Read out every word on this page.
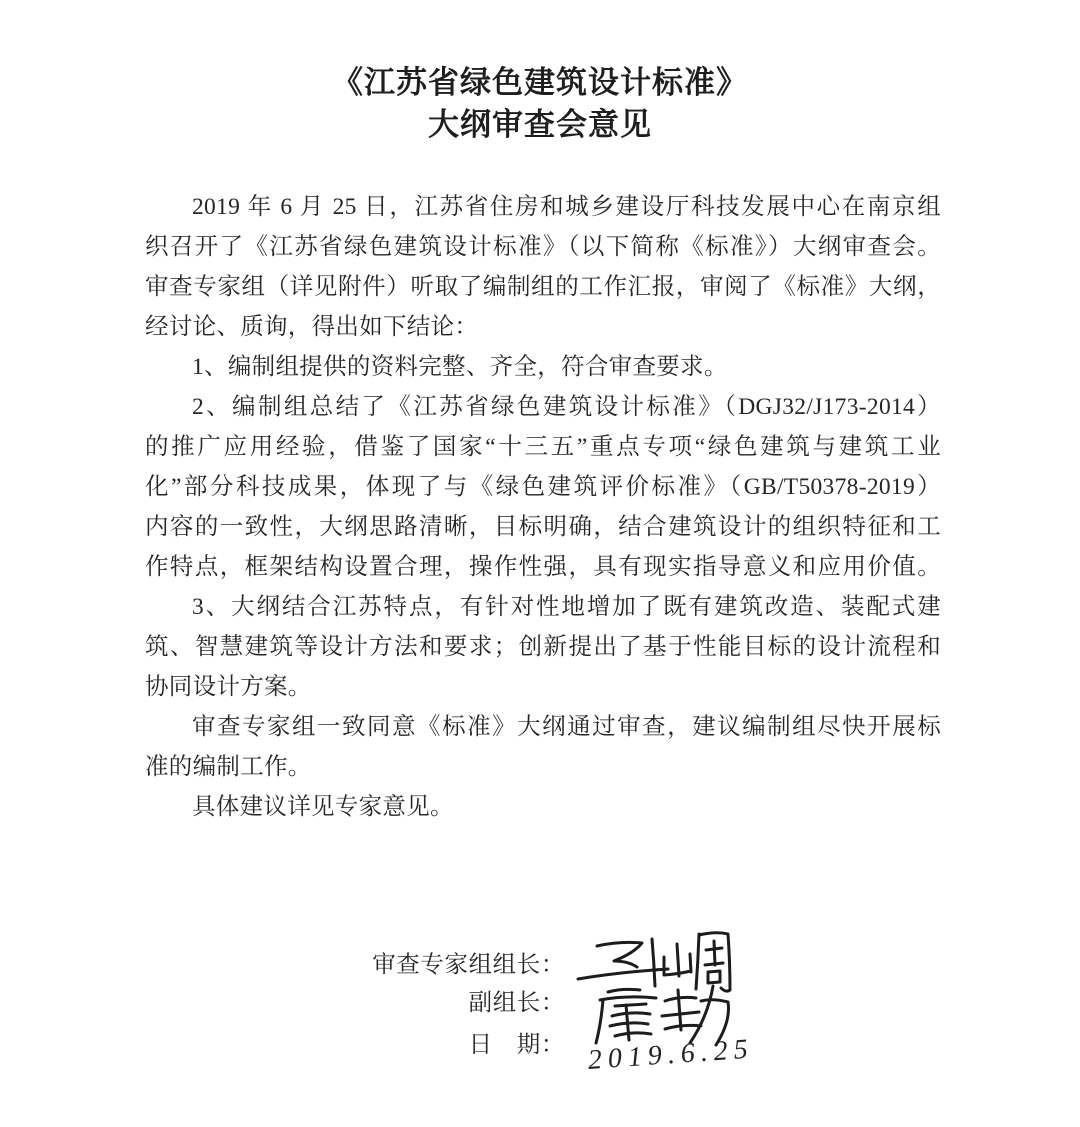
《江苏省绿色建筑设计标准》
大纲审查会意见
2019 年 6 月 25 日，江苏省住房和城乡建设厅科技发展中心在南京组
织召开了《江苏省绿色建筑设计标准》（以下简称《标准》）大纲审查会。
审查专家组（详见附件）听取了编制组的工作汇报，审阅了《标准》大纲，
经讨论、质询，得出如下结论：
1、编制组提供的资料完整、齐全，符合审查要求。
2、编制组总结了《江苏省绿色建筑设计标准》（DGJ32/J173-2014）
的推广应用经验，借鉴了国家“十三五”重点专项“绿色建筑与建筑工业
化”部分科技成果，体现了与《绿色建筑评价标准》（GB/T50378-2019）
内容的一致性，大纲思路清晰，目标明确，结合建筑设计的组织特征和工
作特点，框架结构设置合理，操作性强，具有现实指导意义和应用价值。
3、大纲结合江苏特点，有针对性地增加了既有建筑改造、装配式建
筑、智慧建筑等设计方法和要求；创新提出了基于性能目标的设计流程和
协同设计方案。
审查专家组一致同意《标准》大纲通过审查，建议编制组尽快开展标
准的编制工作。
具体建议详见专家意见。
审查专家组组长：
副组长：
日　期： 2019.6.25
